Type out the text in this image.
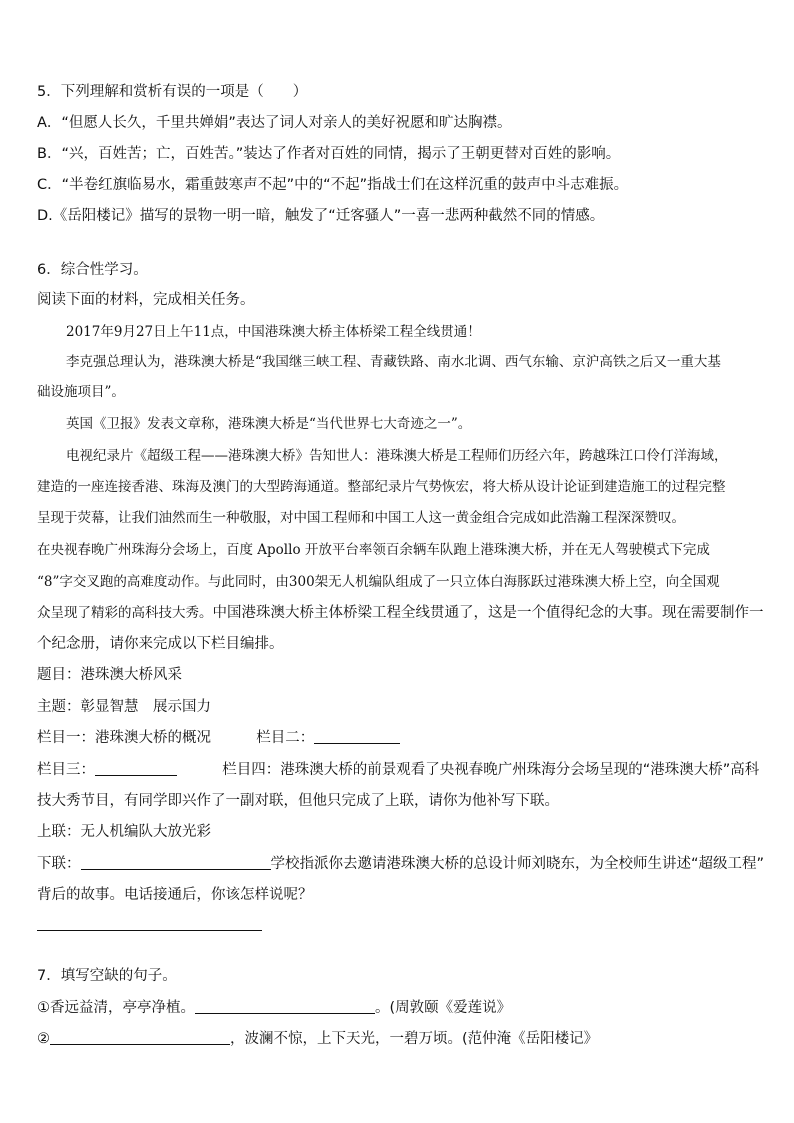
5．下列理解和赏析有误的一项是（　　）
A．“但愿人长久，千里共婵娟”表达了词人对亲人的美好祝愿和旷达胸襟。
B．“兴，百姓苦；亡，百姓苦。”装达了作者对百姓的同情，揭示了王朝更替对百姓的影响。
C．“半卷红旗临易水，霜重鼓寒声不起”中的“不起”指战士们在这样沉重的鼓声中斗志难振。
D.《岳阳楼记》描写的景物一明一暗，触发了“迁客骚人”一喜一悲两种截然不同的情感。
6．综合性学习。
阅读下面的材料，完成相关任务。
2017年9月27日上午11点，中国港珠澳大桥主体桥梁工程全线贯通！
李克强总理认为，港珠澳大桥是“我国继三峡工程、青藏铁路、南水北调、西气东输、京沪高铁之后又一重大基
础设施项目”。
英国《卫报》发表文章称，港珠澳大桥是“当代世界七大奇迹之一”。
电视纪录片《超级工程——港珠澳大桥》告知世人：港珠澳大桥是工程师们历经六年，跨越珠江口伶仃洋海域，
建造的一座连接香港、珠海及澳门的大型跨海通道。整部纪录片气势恢宏，将大桥从设计论证到建造施工的过程完整
呈现于荧幕，让我们油然而生一种敬服，对中国工程师和中国工人这一黄金组合完成如此浩瀚工程深深赞叹。
在央视春晚广州珠海分会场上，百度 Apollo 开放平台率领百余辆车队跑上港珠澳大桥，并在无人驾驶模式下完成
“8”字交叉跑的高难度动作。与此同时，由300架无人机编队组成了一只立体白海豚跃过港珠澳大桥上空，向全国观
众呈现了精彩的高科技大秀。中国港珠澳大桥主体桥梁工程全线贯通了，这是一个值得纪念的大事。现在需要制作一
个纪念册，请你来完成以下栏目编排。
题目：港珠澳大桥风采
主题：彰显智慧　展示国力
栏目一：港珠澳大桥的概况	栏目二：
栏目三：	栏目四：港珠澳大桥的前景观看了央视春晚广州珠海分会场呈现的“港珠澳大桥”高科
技大秀节目，有同学即兴作了一副对联，但他只完成了上联，请你为他补写下联。
上联：无人机编队大放光彩
下联：	学校指派你去邀请港珠澳大桥的总设计师刘晓东，为全校师生讲述“超级工程”
背后的故事。电话接通后，你该怎样说呢？
7．填写空缺的句子。
①香远益清，亭亭净植。	。(周敦颐《爱莲说》
②	，波澜不惊，上下天光，一碧万顷。(范仲淹《岳阳楼记》
